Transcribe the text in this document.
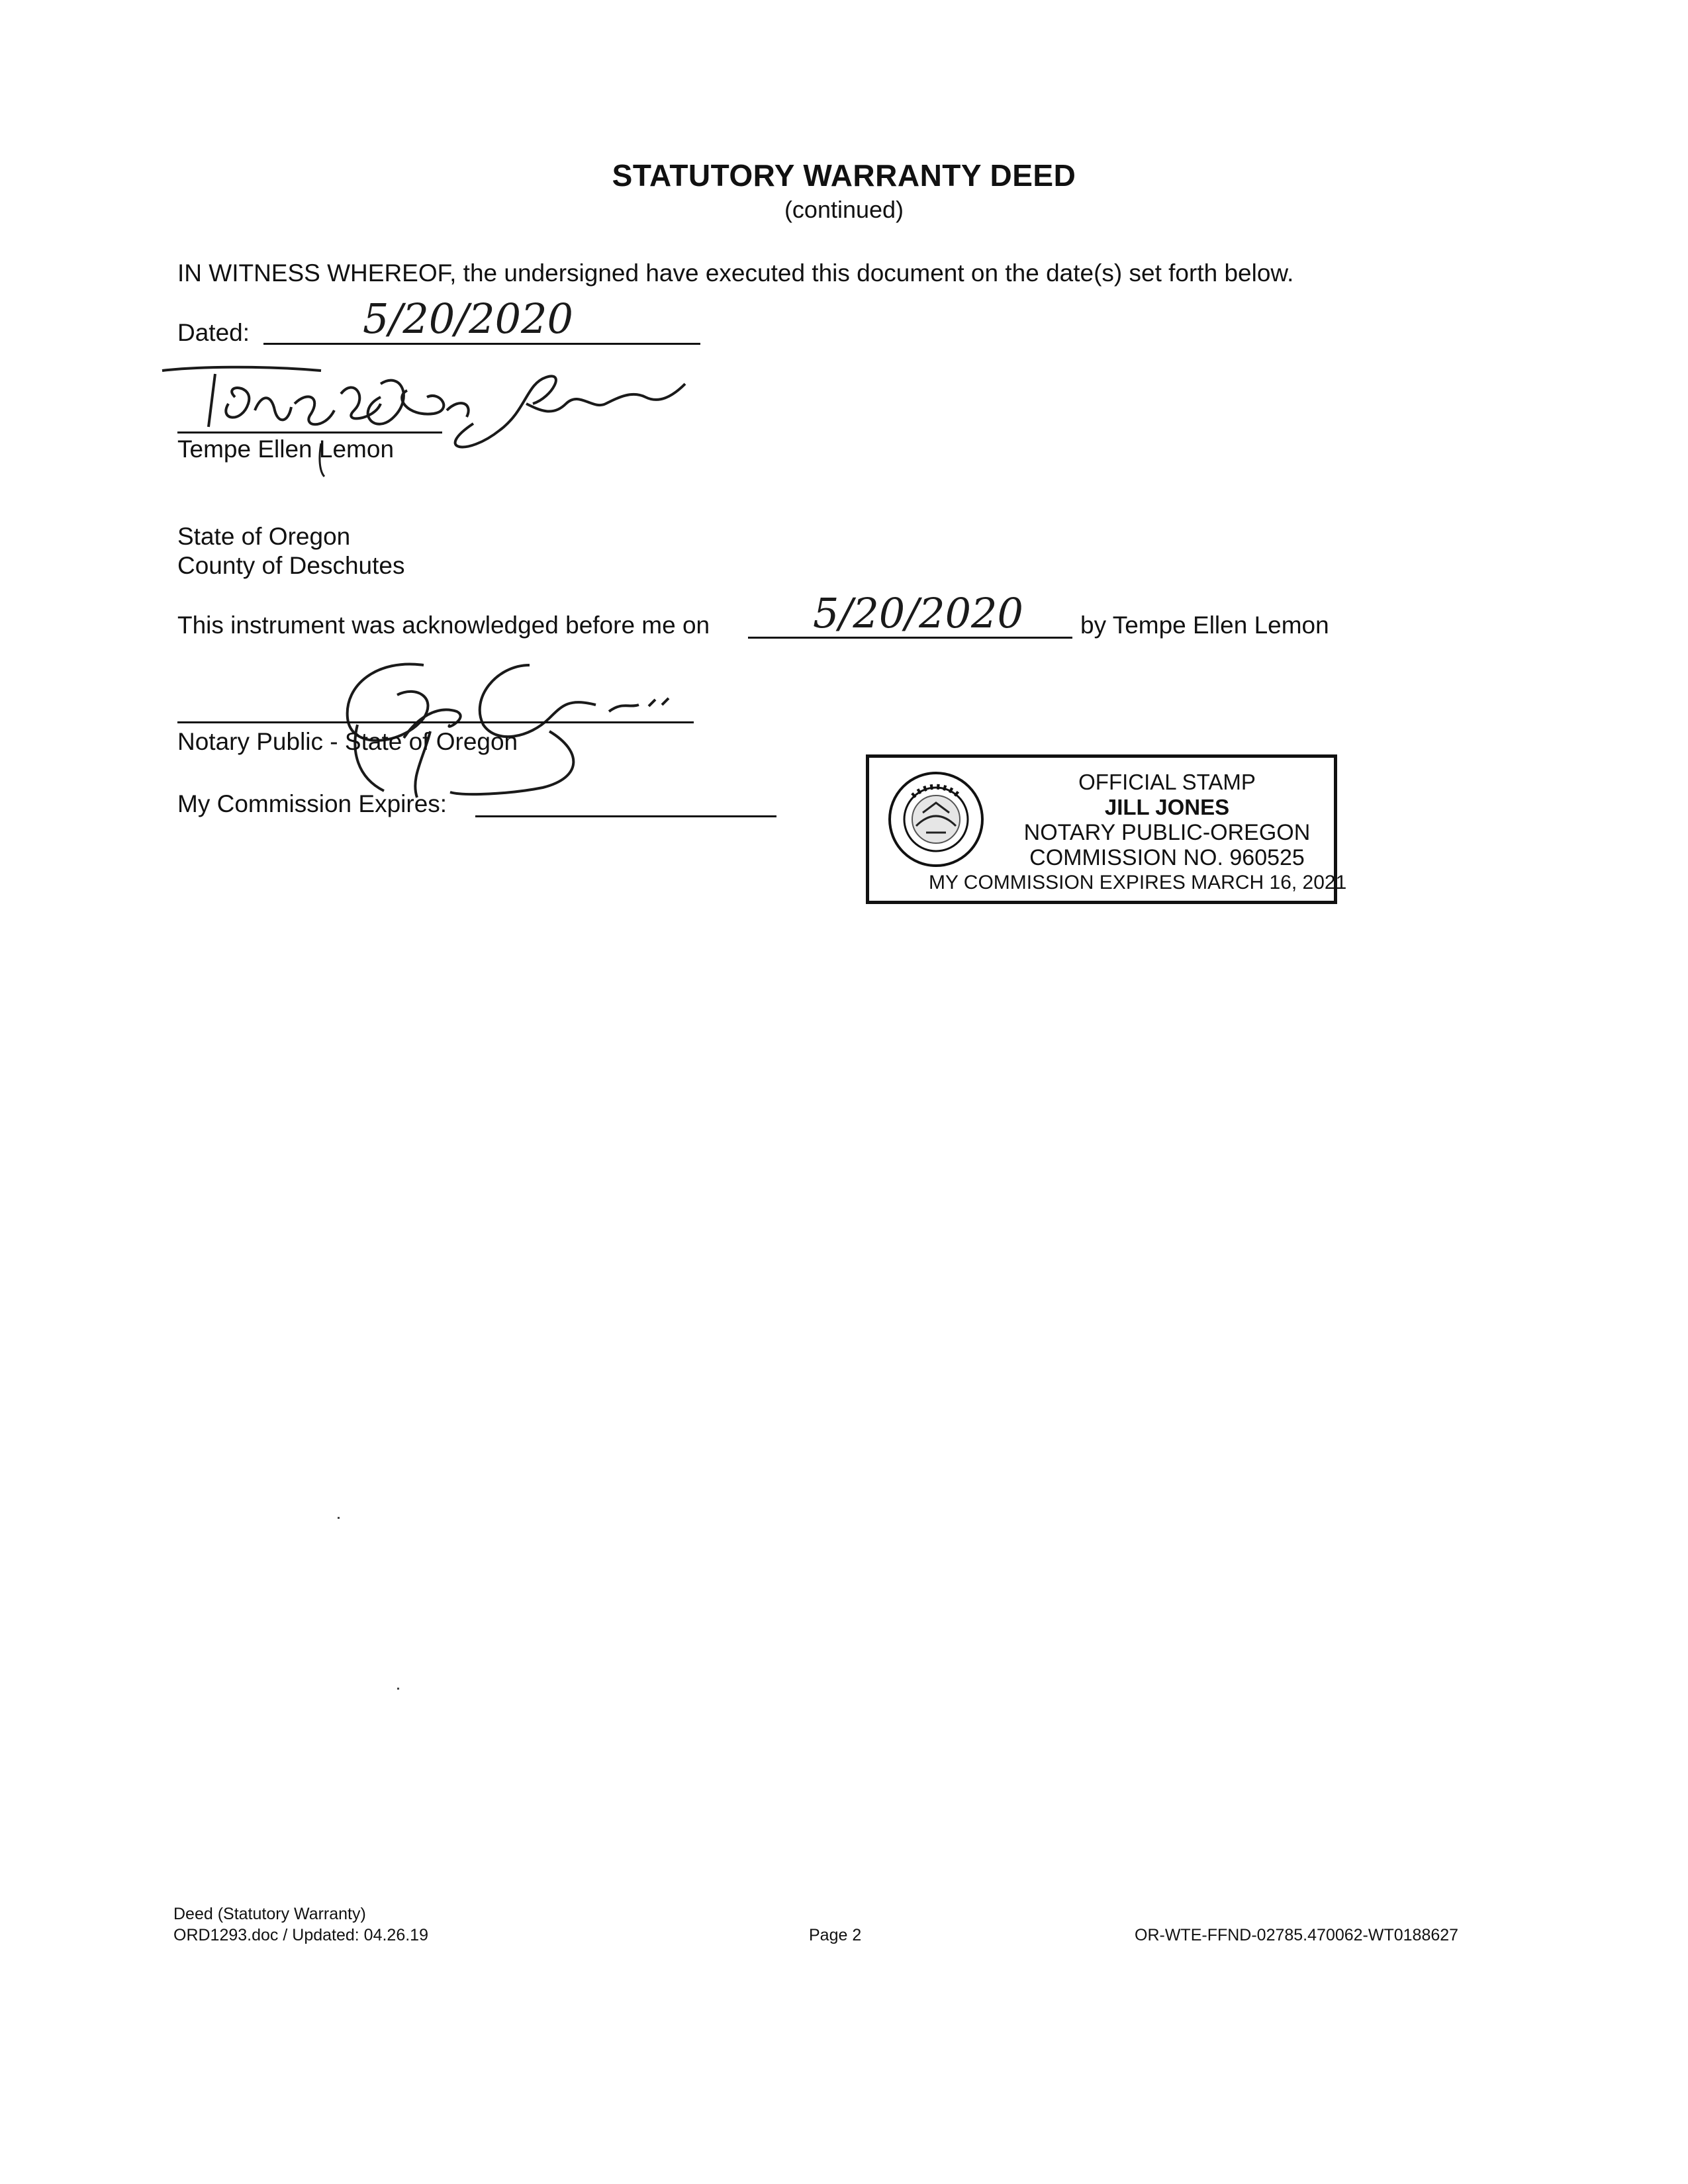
STATUTORY WARRANTY DEED
(continued)
IN WITNESS WHEREOF, the undersigned have executed this document on the date(s) set forth below.
Dated:	5/20/2020
Tempe Ellen Lemon
State of Oregon
County of Deschutes
This instrument was acknowledged before me on	5/20/2020 by Tempe Ellen Lemon
Notary Public - State of Oregon
My Commission Expires:
OFFICIAL STAMP
JILL JONES
NOTARY PUBLIC-OREGON
COMMISSION NO. 960525
MY COMMISSION EXPIRES MARCH 16, 2021
Deed (Statutory Warranty)
ORD1293.doc / Updated: 04.26.19	Page 2	OR-WTE-FFND-02785.470062-WT0188627
